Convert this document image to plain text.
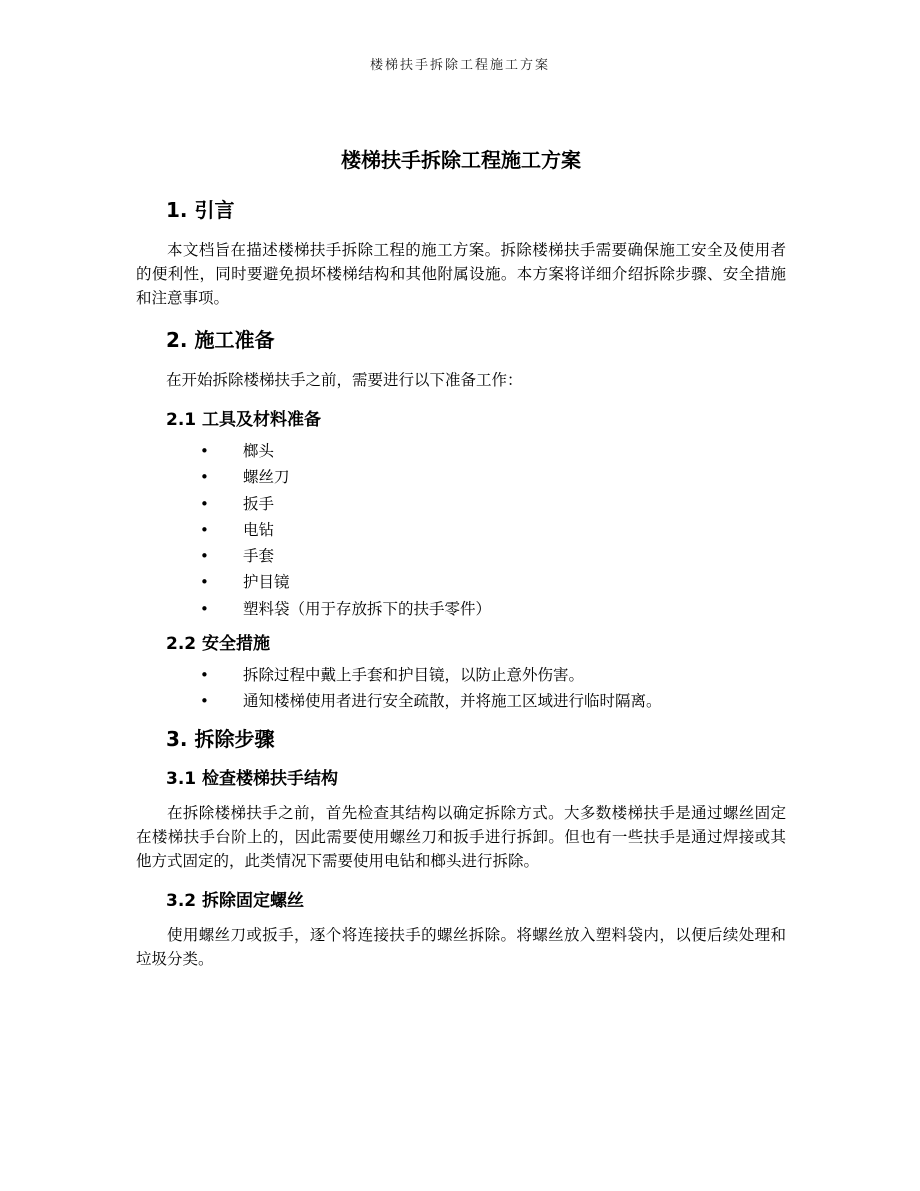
楼梯扶手拆除工程施工方案
楼梯扶手拆除工程施工方案
1. 引言

本文档旨在描述楼梯扶手拆除工程的施工方案。拆除楼梯扶手需要确保施工安全及使用者的便利性，同时要避免损坏楼梯结构和其他附属设施。本方案将详细介绍拆除步骤、安全措施和注意事项。

2. 施工准备

在开始拆除楼梯扶手之前，需要进行以下准备工作：

2.1 工具及材料准备
• 榔头
• 螺丝刀
• 扳手
• 电钻
• 手套
• 护目镜
• 塑料袋（用于存放拆下的扶手零件）
2.2 安全措施
• 拆除过程中戴上手套和护目镜，以防止意外伤害。
• 通知楼梯使用者进行安全疏散，并将施工区域进行临时隔离。
3. 拆除步骤
3.1 检查楼梯扶手结构

在拆除楼梯扶手之前，首先检查其结构以确定拆除方式。大多数楼梯扶手是通过螺丝固定在楼梯扶手台阶上的，因此需要使用螺丝刀和扳手进行拆卸。但也有一些扶手是通过焊接或其他方式固定的，此类情况下需要使用电钻和榔头进行拆除。

3.2 拆除固定螺丝

使用螺丝刀或扳手，逐个将连接扶手的螺丝拆除。将螺丝放入塑料袋内，以便后续处理和垃圾分类。
